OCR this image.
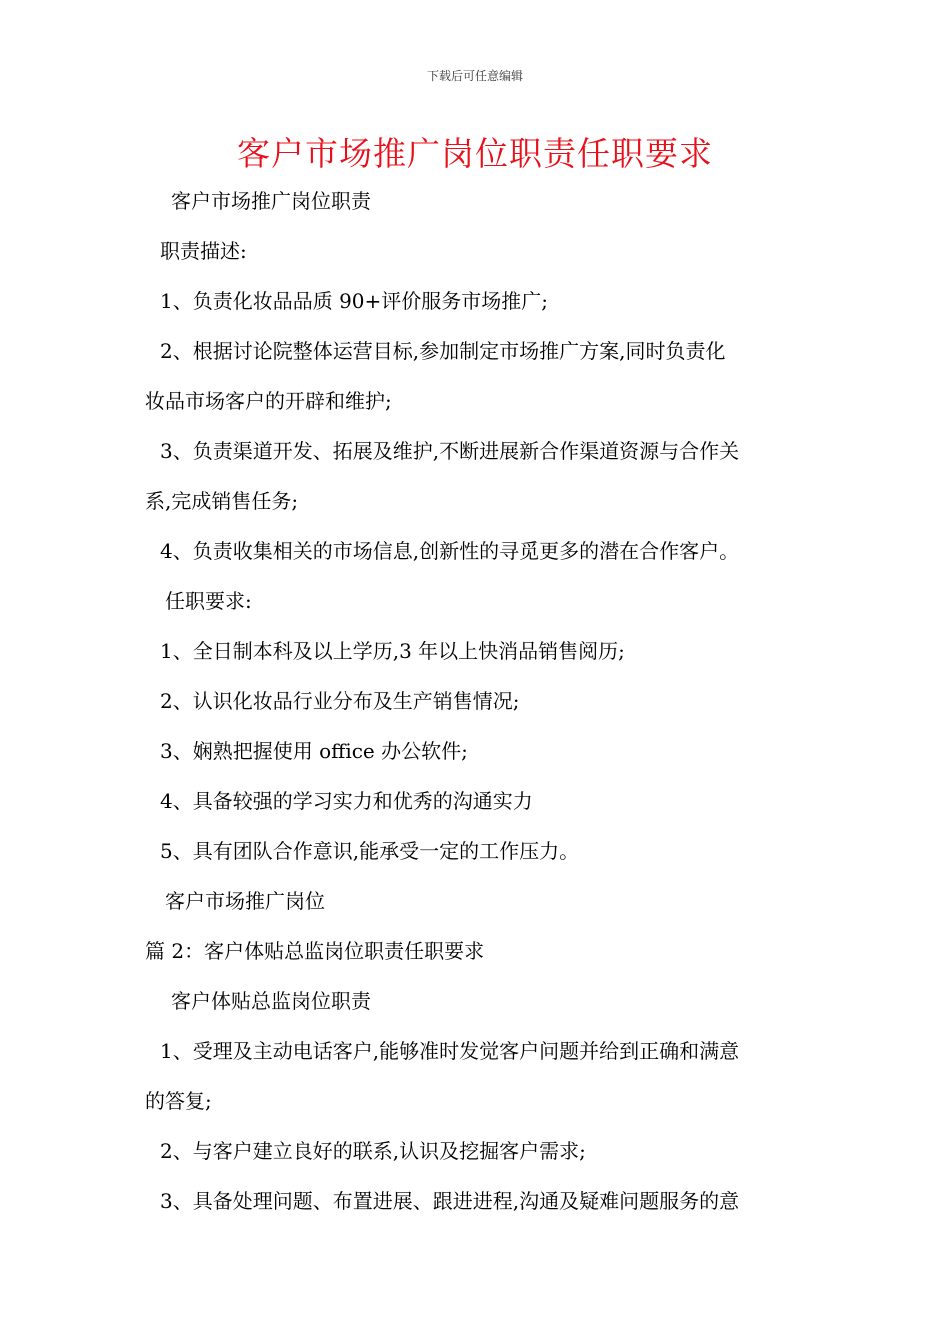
下载后可任意编辑
客户市场推广岗位职责任职要求
客户市场推广岗位职责
职责描述:
1、负责化妆品品质 90+评价服务市场推广;
2、根据讨论院整体运营目标,参加制定市场推广方案,同时负责化
妆品市场客户的开辟和维护;
3、负责渠道开发、拓展及维护,不断进展新合作渠道资源与合作关
系,完成销售任务;
4、负责收集相关的市场信息,创新性的寻觅更多的潜在合作客户。
任职要求:
1、全日制本科及以上学历,3 年以上快消品销售阅历;
2、认识化妆品行业分布及生产销售情况;
3、娴熟把握使用 office 办公软件;
4、具备较强的学习实力和优秀的沟通实力
5、具有团队合作意识,能承受一定的工作压力。
客户市场推广岗位
篇 2：客户体贴总监岗位职责任职要求
客户体贴总监岗位职责
1、受理及主动电话客户,能够准时发觉客户问题并给到正确和满意
的答复;
2、与客户建立良好的联系,认识及挖掘客户需求;
3、具备处理问题、布置进展、跟进进程,沟通及疑难问题服务的意
